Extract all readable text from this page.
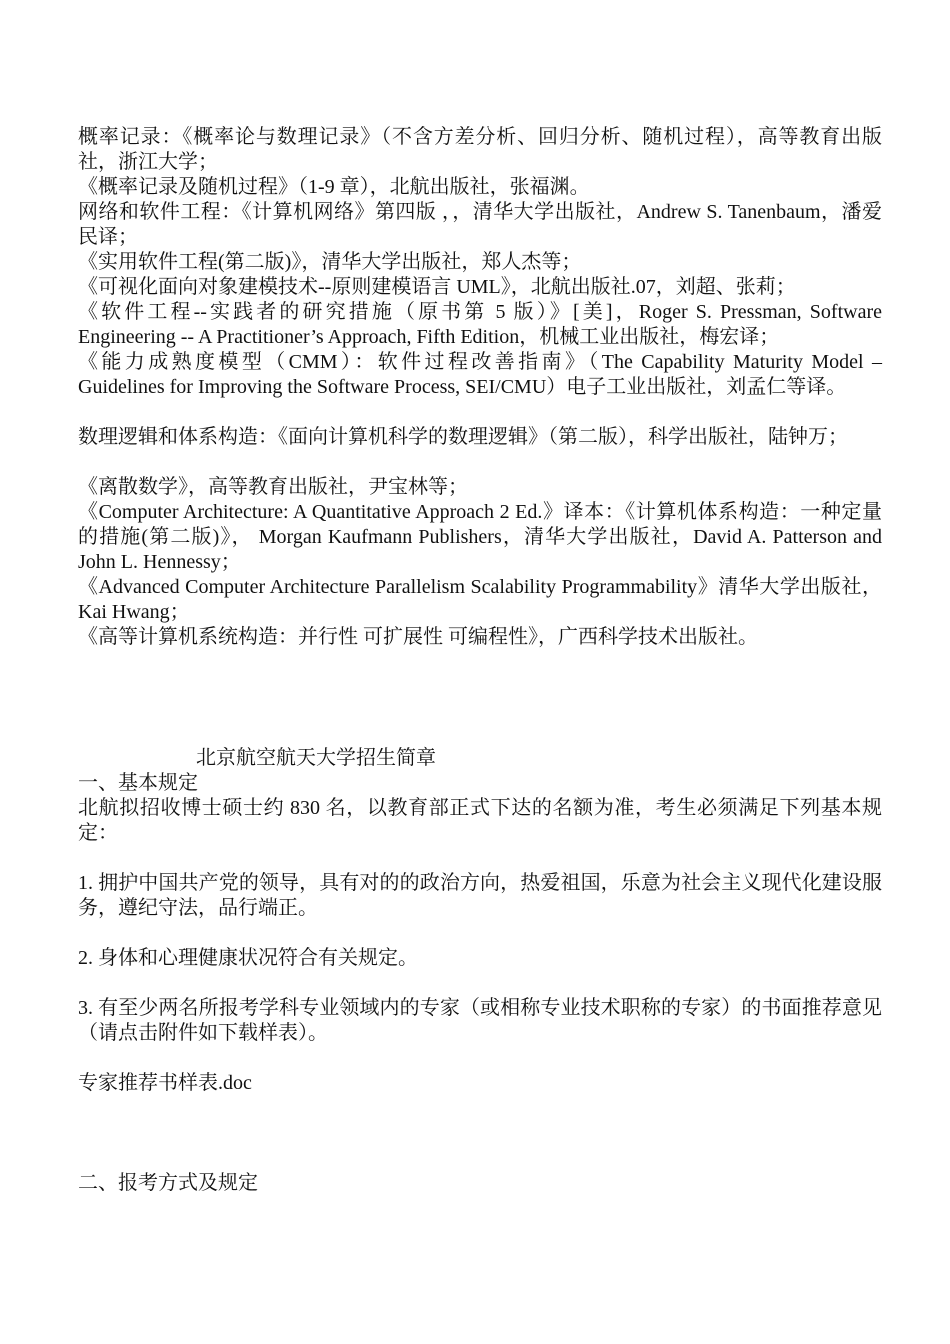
概率记录：《概率论与数理记录》（不含方差分析、回归分析、随机过程），高等教育出版社，浙江大学；

《概率记录及随机过程》（1-9 章），北航出版社，张福渊。

网络和软件工程：《计算机网络》第四版 ，，清华大学出版社，Andrew S. Tanenbaum，潘爱民译；

《实用软件工程(第二版)》，清华大学出版社，郑人杰等；

《可视化面向对象建模技术--原则建模语言 UML》，北航出版社.07，刘超、张莉；

《软件工程--实践者的研究措施（原书第 5 版）》[美]，Roger S. Pressman, Software Engineering -- A Practitioner’s Approach, Fifth Edition，机械工业出版社，梅宏译；

《能力成熟度模型（CMM）：软件过程改善指南》（The Capability Maturity Model – Guidelines for Improving the Software Process, SEI/CMU）电子工业出版社，刘孟仁等译。

数理逻辑和体系构造：《面向计算机科学的数理逻辑》（第二版），科学出版社，陆钟万；

《离散数学》，高等教育出版社，尹宝林等；

《Computer Architecture: A Quantitative Approach 2 Ed.》译本：《计算机体系构造：一种定量的措施(第二版)》， Morgan Kaufmann Publishers，清华大学出版社，David A. Patterson and John L. Hennessy；

《Advanced Computer Architecture Parallelism Scalability Programmability》清华大学出版社，Kai Hwang；

《高等计算机系统构造：并行性 可扩展性 可编程性》，广西科学技术出版社。

北京航空航天大学招生简章

一、基本规定

北航拟招收博士硕士约 830 名，以教育部正式下达的名额为准，考生必须满足下列基本规定：

1. 拥护中国共产党的领导，具有对的的政治方向，热爱祖国，乐意为社会主义现代化建设服务，遵纪守法，品行端正。

2. 身体和心理健康状况符合有关规定。

3. 有至少两名所报考学科专业领域内的专家（或相称专业技术职称的专家）的书面推荐意见（请点击附件如下载样表）。

专家推荐书样表.doc

二、报考方式及规定
